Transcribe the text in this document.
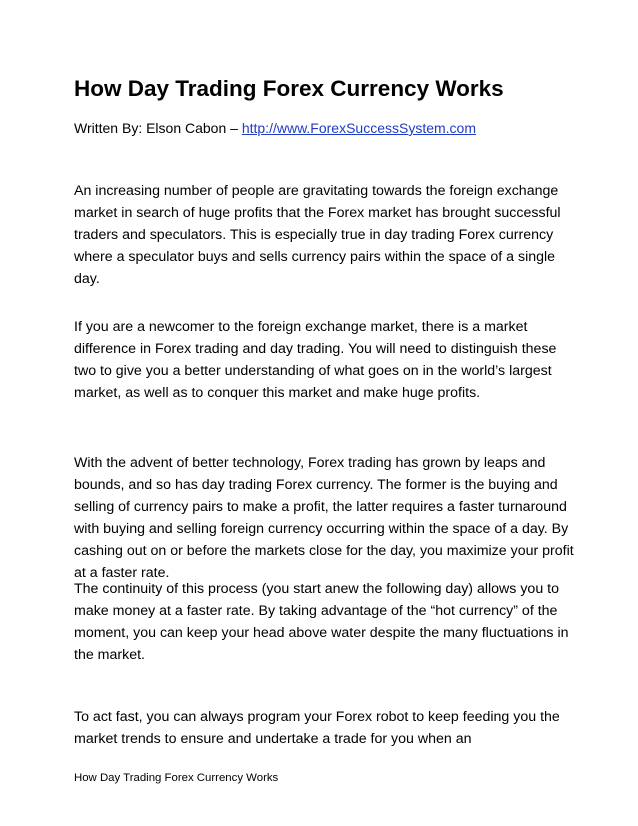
How Day Trading Forex Currency Works
Written By: Elson Cabon – http://www.ForexSuccessSystem.com

An increasing number of people are gravitating towards the foreign exchange market in search of huge profits that the Forex market has brought successful traders and speculators. This is especially true in day trading Forex currency where a speculator buys and sells currency pairs within the space of a single day.

If you are a newcomer to the foreign exchange market, there is a market difference in Forex trading and day trading. You will need to distinguish these two to give you a better understanding of what goes on in the world’s largest market, as well as to conquer this market and make huge profits.

With the advent of better technology, Forex trading has grown by leaps and bounds, and so has day trading Forex currency. The former is the buying and selling of currency pairs to make a profit, the latter requires a faster turnaround with buying and selling foreign currency occurring within the space of a day. By cashing out on or before the markets close for the day, you maximize your profit at a faster rate.

The continuity of this process (you start anew the following day) allows you to make money at a faster rate. By taking advantage of the “hot currency” of the moment, you can keep your head above water despite the many fluctuations in the market.

To act fast, you can always program your Forex robot to keep feeding you the market trends to ensure and undertake a trade for you when an

How Day Trading Forex Currency Works
